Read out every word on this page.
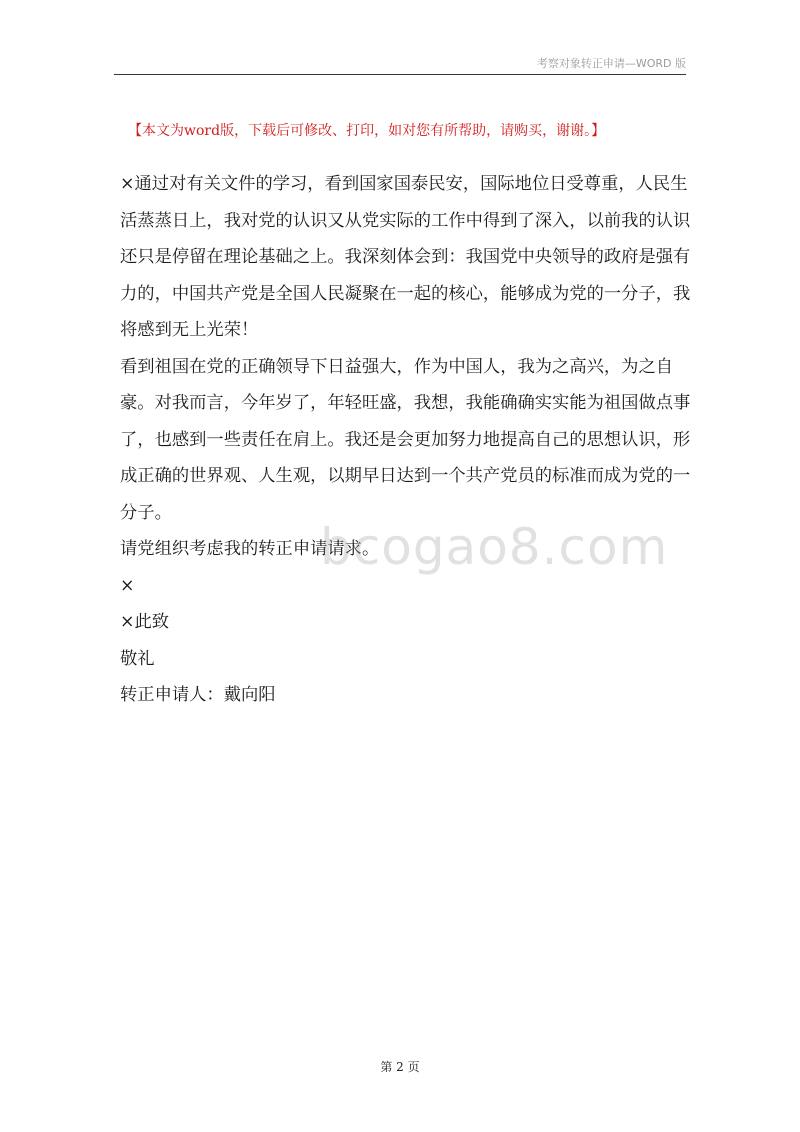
考察对象转正申请—WORD 版
【本文为word版，下载后可修改、打印，如对您有所帮助，请购买，谢谢。】

×通过对有关文件的学习，看到国家国泰民安，国际地位日受尊重，人民生活蒸蒸日上，我对党的认识又从党实际的工作中得到了深入，以前我的认识还只是停留在理论基础之上。我深刻体会到：我国党中央领导的政府是强有力的，中国共产党是全国人民凝聚在一起的核心，能够成为党的一分子，我将感到无上光荣！

看到祖国在党的正确领导下日益强大，作为中国人，我为之高兴，为之自豪。对我而言，今年岁了，年轻旺盛，我想，我能确确实实能为祖国做点事了，也感到一些责任在肩上。我还是会更加努力地提高自己的思想认识，形成正确的世界观、人生观，以期早日达到一个共产党员的标准而成为党的一分子。

请党组织考虑我的转正申请请求。

×

×此致

敬礼

转正申请人：戴向阳

bcogao8.com
第 2 页
